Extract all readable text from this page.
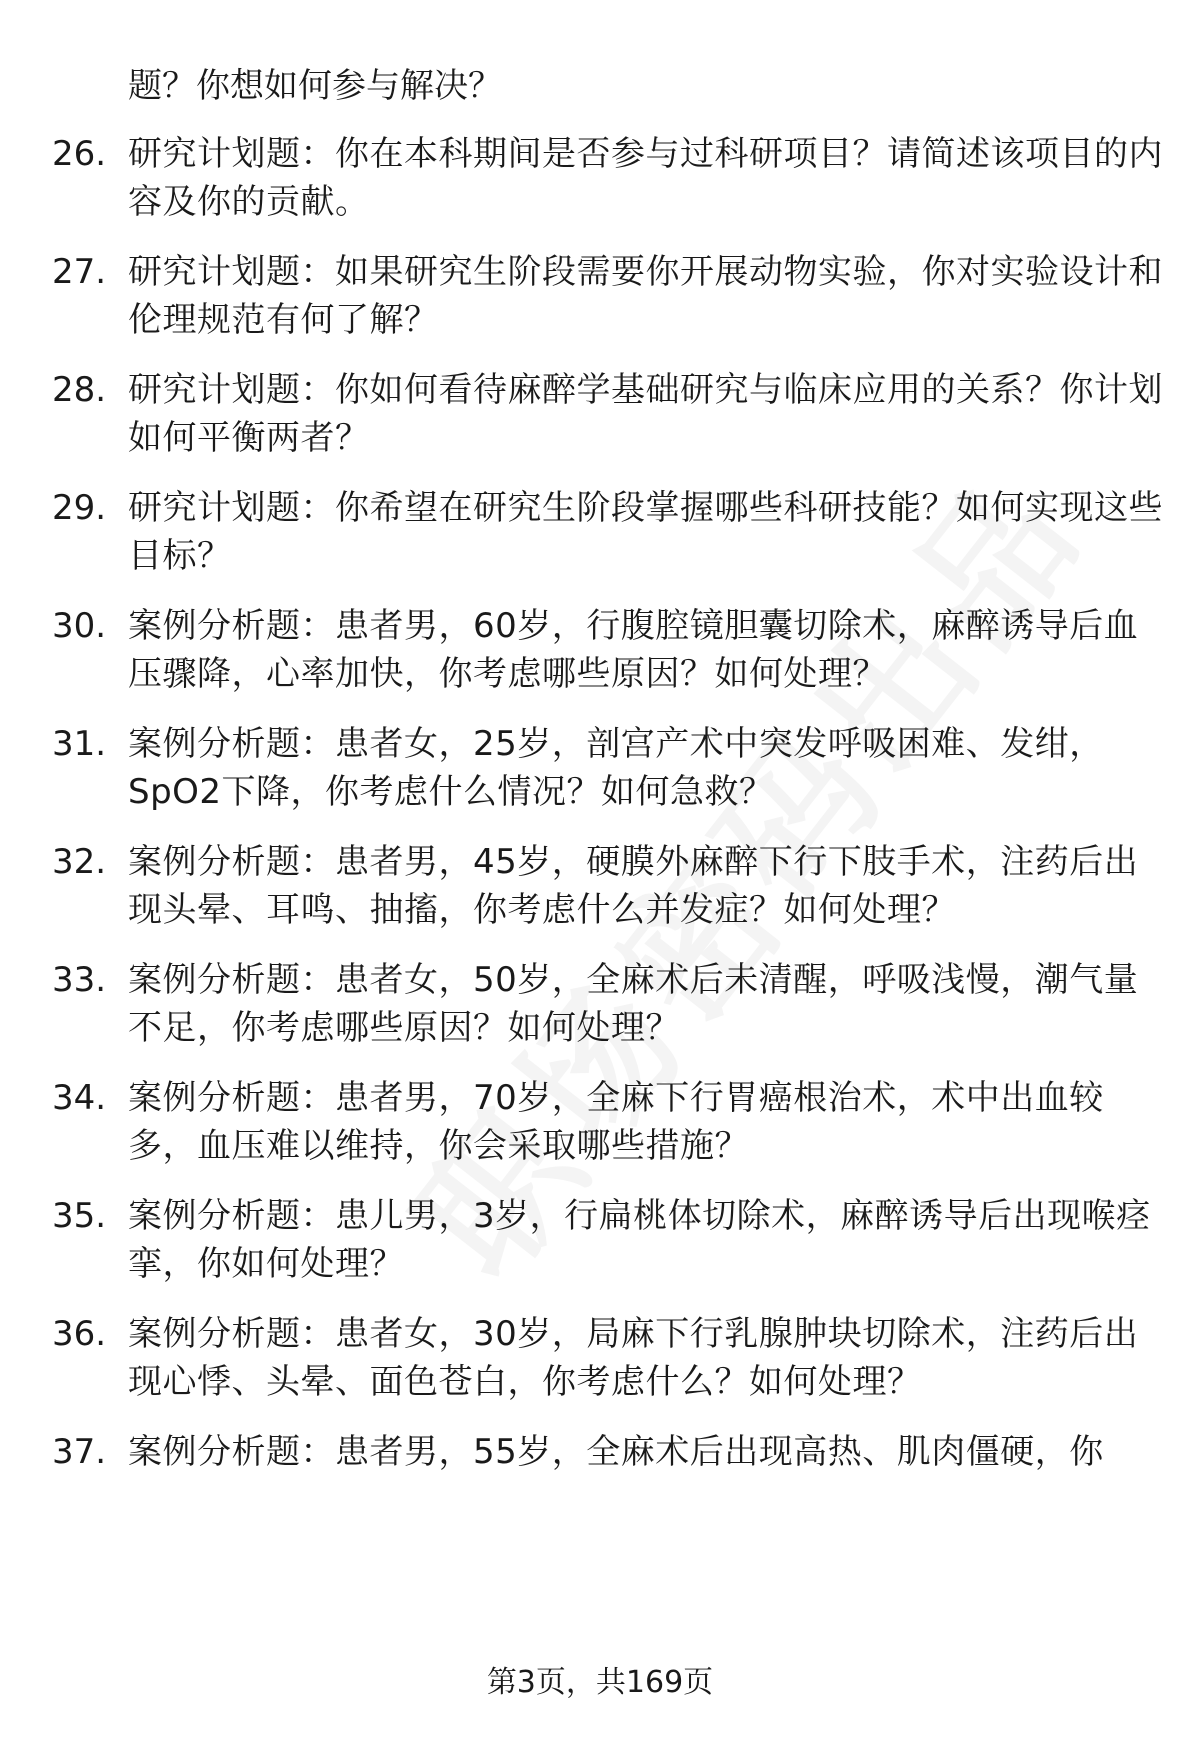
题？你想如何参与解决？
26. 研究计划题：你在本科期间是否参与过科研项目？请简述该项目的内容及你的贡献。
27. 研究计划题：如果研究生阶段需要你开展动物实验，你对实验设计和伦理规范有何了解？
28. 研究计划题：你如何看待麻醉学基础研究与临床应用的关系？你计划如何平衡两者？
29. 研究计划题：你希望在研究生阶段掌握哪些科研技能？如何实现这些目标？
30. 案例分析题：患者男，60岁，行腹腔镜胆囊切除术，麻醉诱导后血压骤降，心率加快，你考虑哪些原因？如何处理？
31. 案例分析题：患者女，25岁，剖宫产术中突发呼吸困难、发绀，SpO2下降，你考虑什么情况？如何急救？
32. 案例分析题：患者男，45岁，硬膜外麻醉下行下肢手术，注药后出现头晕、耳鸣、抽搐，你考虑什么并发症？如何处理？
33. 案例分析题：患者女，50岁，全麻术后未清醒，呼吸浅慢，潮气量不足，你考虑哪些原因？如何处理？
34. 案例分析题：患者男，70岁，全麻下行胃癌根治术，术中出血较多，血压难以维持，你会采取哪些措施？
35. 案例分析题：患儿男，3岁，行扁桃体切除术，麻醉诱导后出现喉痉挛，你如何处理？
36. 案例分析题：患者女，30岁，局麻下行乳腺肿块切除术，注药后出现心悸、头晕、面色苍白，你考虑什么？如何处理？
37. 案例分析题：患者男，55岁，全麻术后出现高热、肌肉僵硬，你
第3页，共169页
